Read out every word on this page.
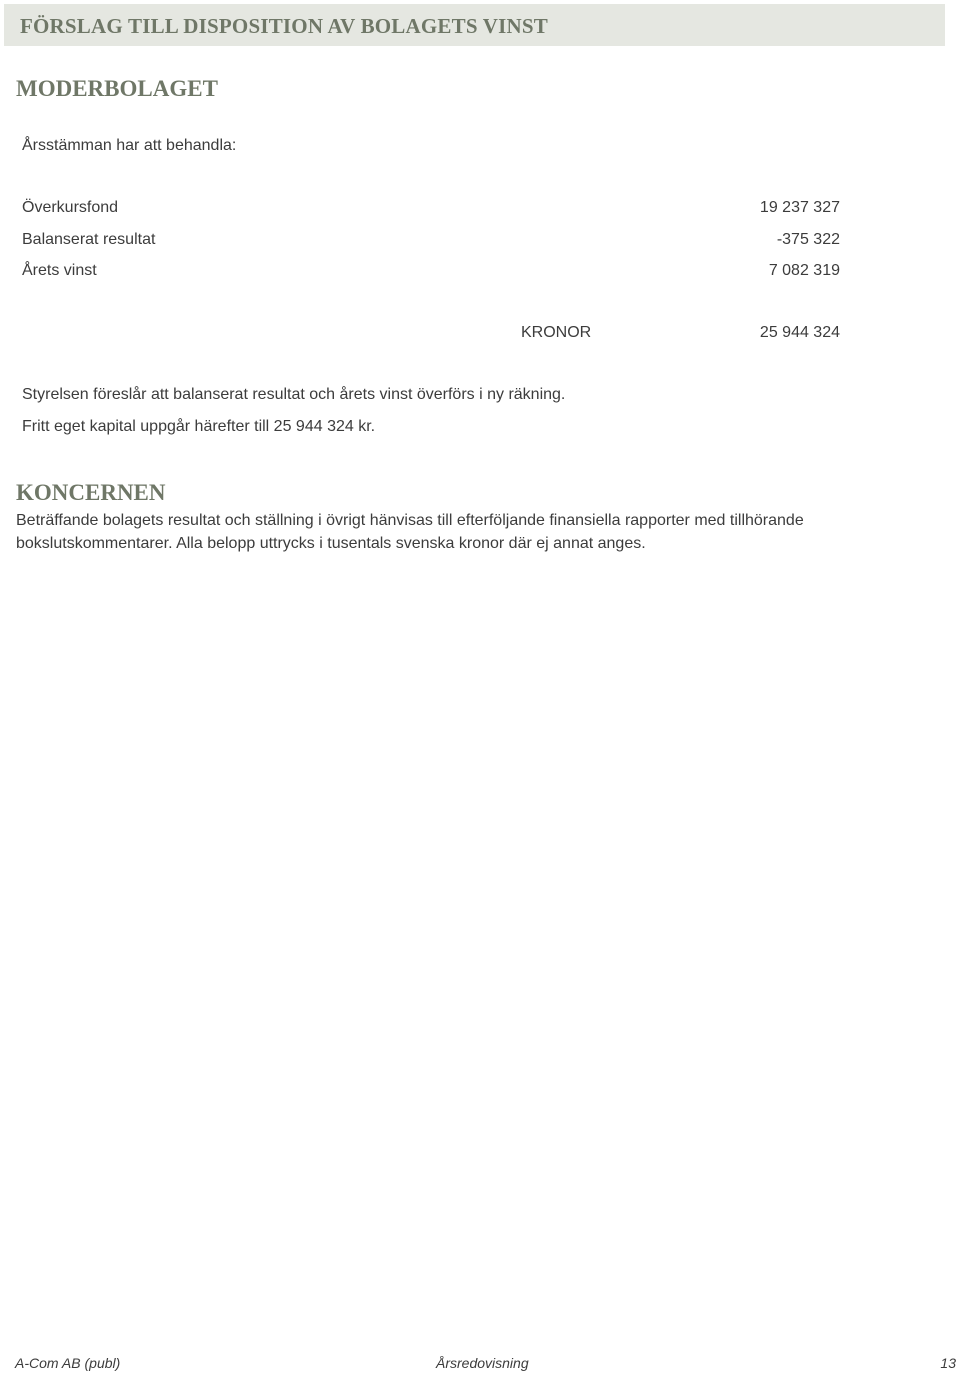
FÖRSLAG TILL DISPOSITION AV BOLAGETS VINST
MODERBOLAGET

Årsstämman har att behandla:

Överkursfond	19 237 327
Balanserat resultat	-375 322
Årets vinst	7 082 319
KRONOR	25 944 324

Styrelsen föreslår att balanserat resultat och årets vinst överförs i ny räkning.

Fritt eget kapital uppgår härefter till 25 944 324 kr.

KONCERNEN

Beträffande bolagets resultat och ställning i övrigt hänvisas till efterföljande finansiella rapporter med tillhörande bokslutskommentarer. Alla belopp uttrycks i tusentals svenska kronor där ej annat anges.

A-Com AB (publ)	Årsredovisning	13
